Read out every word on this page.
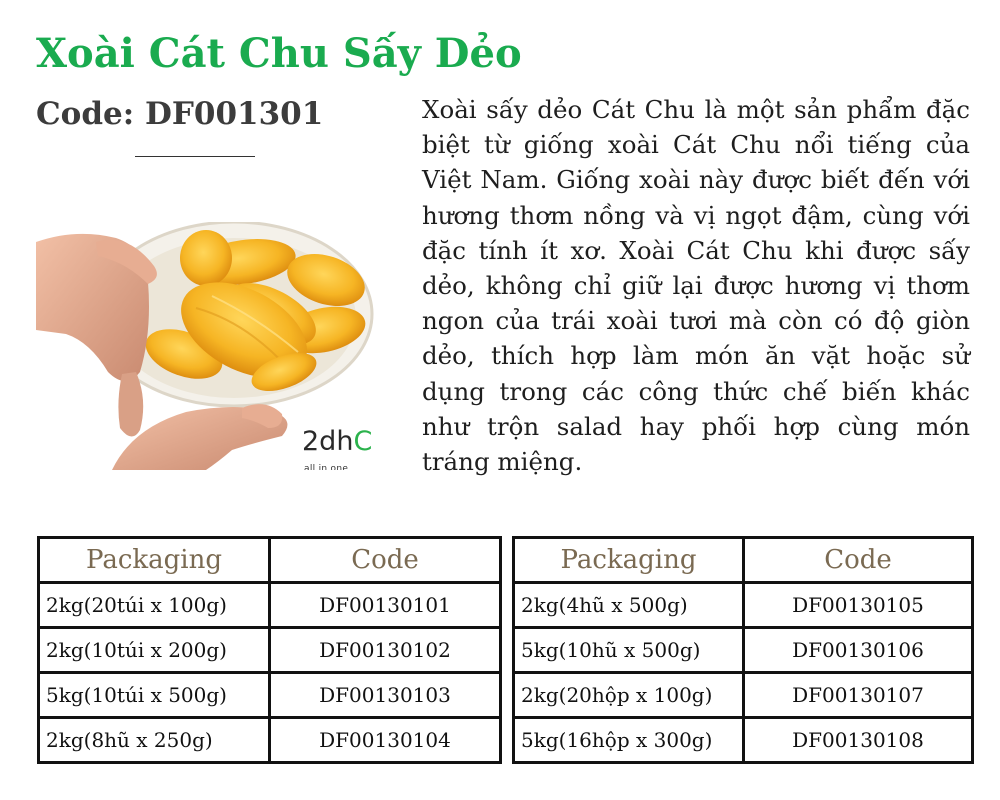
Xoài Cát Chu Sấy Dẻo
Code: DF001301
2dhC
all in one

Xoài sấy dẻo Cát Chu là một sản phẩm đặc biệt từ giống xoài Cát Chu nổi tiếng của Việt Nam. Giống xoài này được biết đến với hương thơm nồng và vị ngọt đậm, cùng với đặc tính ít xơ. Xoài Cát Chu khi được sấy dẻo, không chỉ giữ lại được hương vị thơm ngon của trái xoài tươi mà còn có độ giòn dẻo, thích hợp làm món ăn vặt hoặc sử dụng trong các công thức chế biến khác như trộn salad hay phối hợp cùng món tráng miệng.

Packaging	Code
2kg(20túi x 100g)	DF00130101
2kg(10túi x 200g)	DF00130102
5kg(10túi x 500g)	DF00130103
2kg(8hũ x 250g)	DF00130104
Packaging	Code
2kg(4hũ x 500g)	DF00130105
5kg(10hũ x 500g)	DF00130106
2kg(20hộp x 100g)	DF00130107
5kg(16hộp x 300g)	DF00130108
